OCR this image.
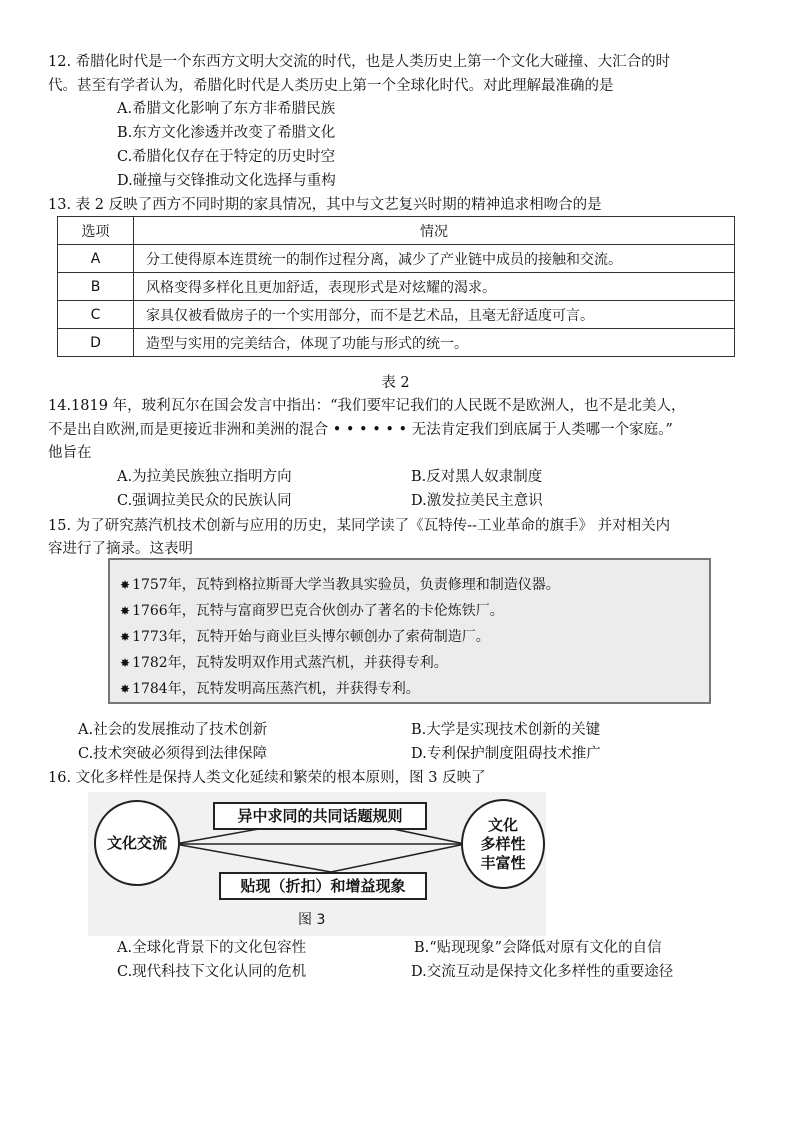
12. 希腊化时代是一个东西方文明大交流的时代，也是人类历史上第一个文化大碰撞、大汇合的时
代。甚至有学者认为，希腊化时代是人类历史上第一个全球化时代。对此理解最准确的是
A.希腊文化影响了东方非希腊民族
B.东方文化渗透并改变了希腊文化
C.希腊化仅存在于特定的历史时空
D.碰撞与交锋推动文化选择与重构
13. 表 2 反映了西方不同时期的家具情况，其中与文艺复兴时期的精神追求相吻合的是
选项	情况
A	分工使得原本连贯统一的制作过程分离，减少了产业链中成员的接触和交流。
B	风格变得多样化且更加舒适，表现形式是对炫耀的渴求。
C	家具仅被看做房子的一个实用部分，而不是艺术品，且毫无舒适度可言。
D	造型与实用的完美结合，体现了功能与形式的统一。
表 2
14.1819 年，玻利瓦尔在国会发言中指出：“我们要牢记我们的人民既不是欧洲人，也不是北美人，
不是出自欧洲,而是更接近非洲和美洲的混合 • • • • • • 无法肯定我们到底属于人类哪一个家庭。”
他旨在
A.为拉美民族独立指明方向	B.反对黑人奴隶制度
C.强调拉美民众的民族认同	D.激发拉美民主意识
15. 为了研究蒸汽机技术创新与应用的历史，某同学读了《瓦特传--工业革命的旗手》 并对相关内
容进行了摘录。这表明
✸ 1757年，瓦特到格拉斯哥大学当教具实验员，负责修理和制造仪器。
✸ 1766年，瓦特与富商罗巴克合伙创办了著名的卡伦炼铁厂。
✸ 1773年，瓦特开始与商业巨头博尔顿创办了索荷制造厂。
✸ 1782年，瓦特发明双作用式蒸汽机，并获得专利。
✸ 1784年，瓦特发明高压蒸汽机，并获得专利。
A.社会的发展推动了技术创新	B.大学是实现技术创新的关键
C.技术突破必须得到法律保障	D.专利保护制度阻碍技术推广
16. 文化多样性是保持人类文化延续和繁荣的根本原则，图 3 反映了
文化交流
文化
多样性
丰富性
异中求同的共同话题规则
贴现（折扣）和增益现象
图 3
A.全球化背景下的文化包容性	B.“贴现现象”会降低对原有文化的自信
C.现代科技下文化认同的危机	D.交流互动是保持文化多样性的重要途径
